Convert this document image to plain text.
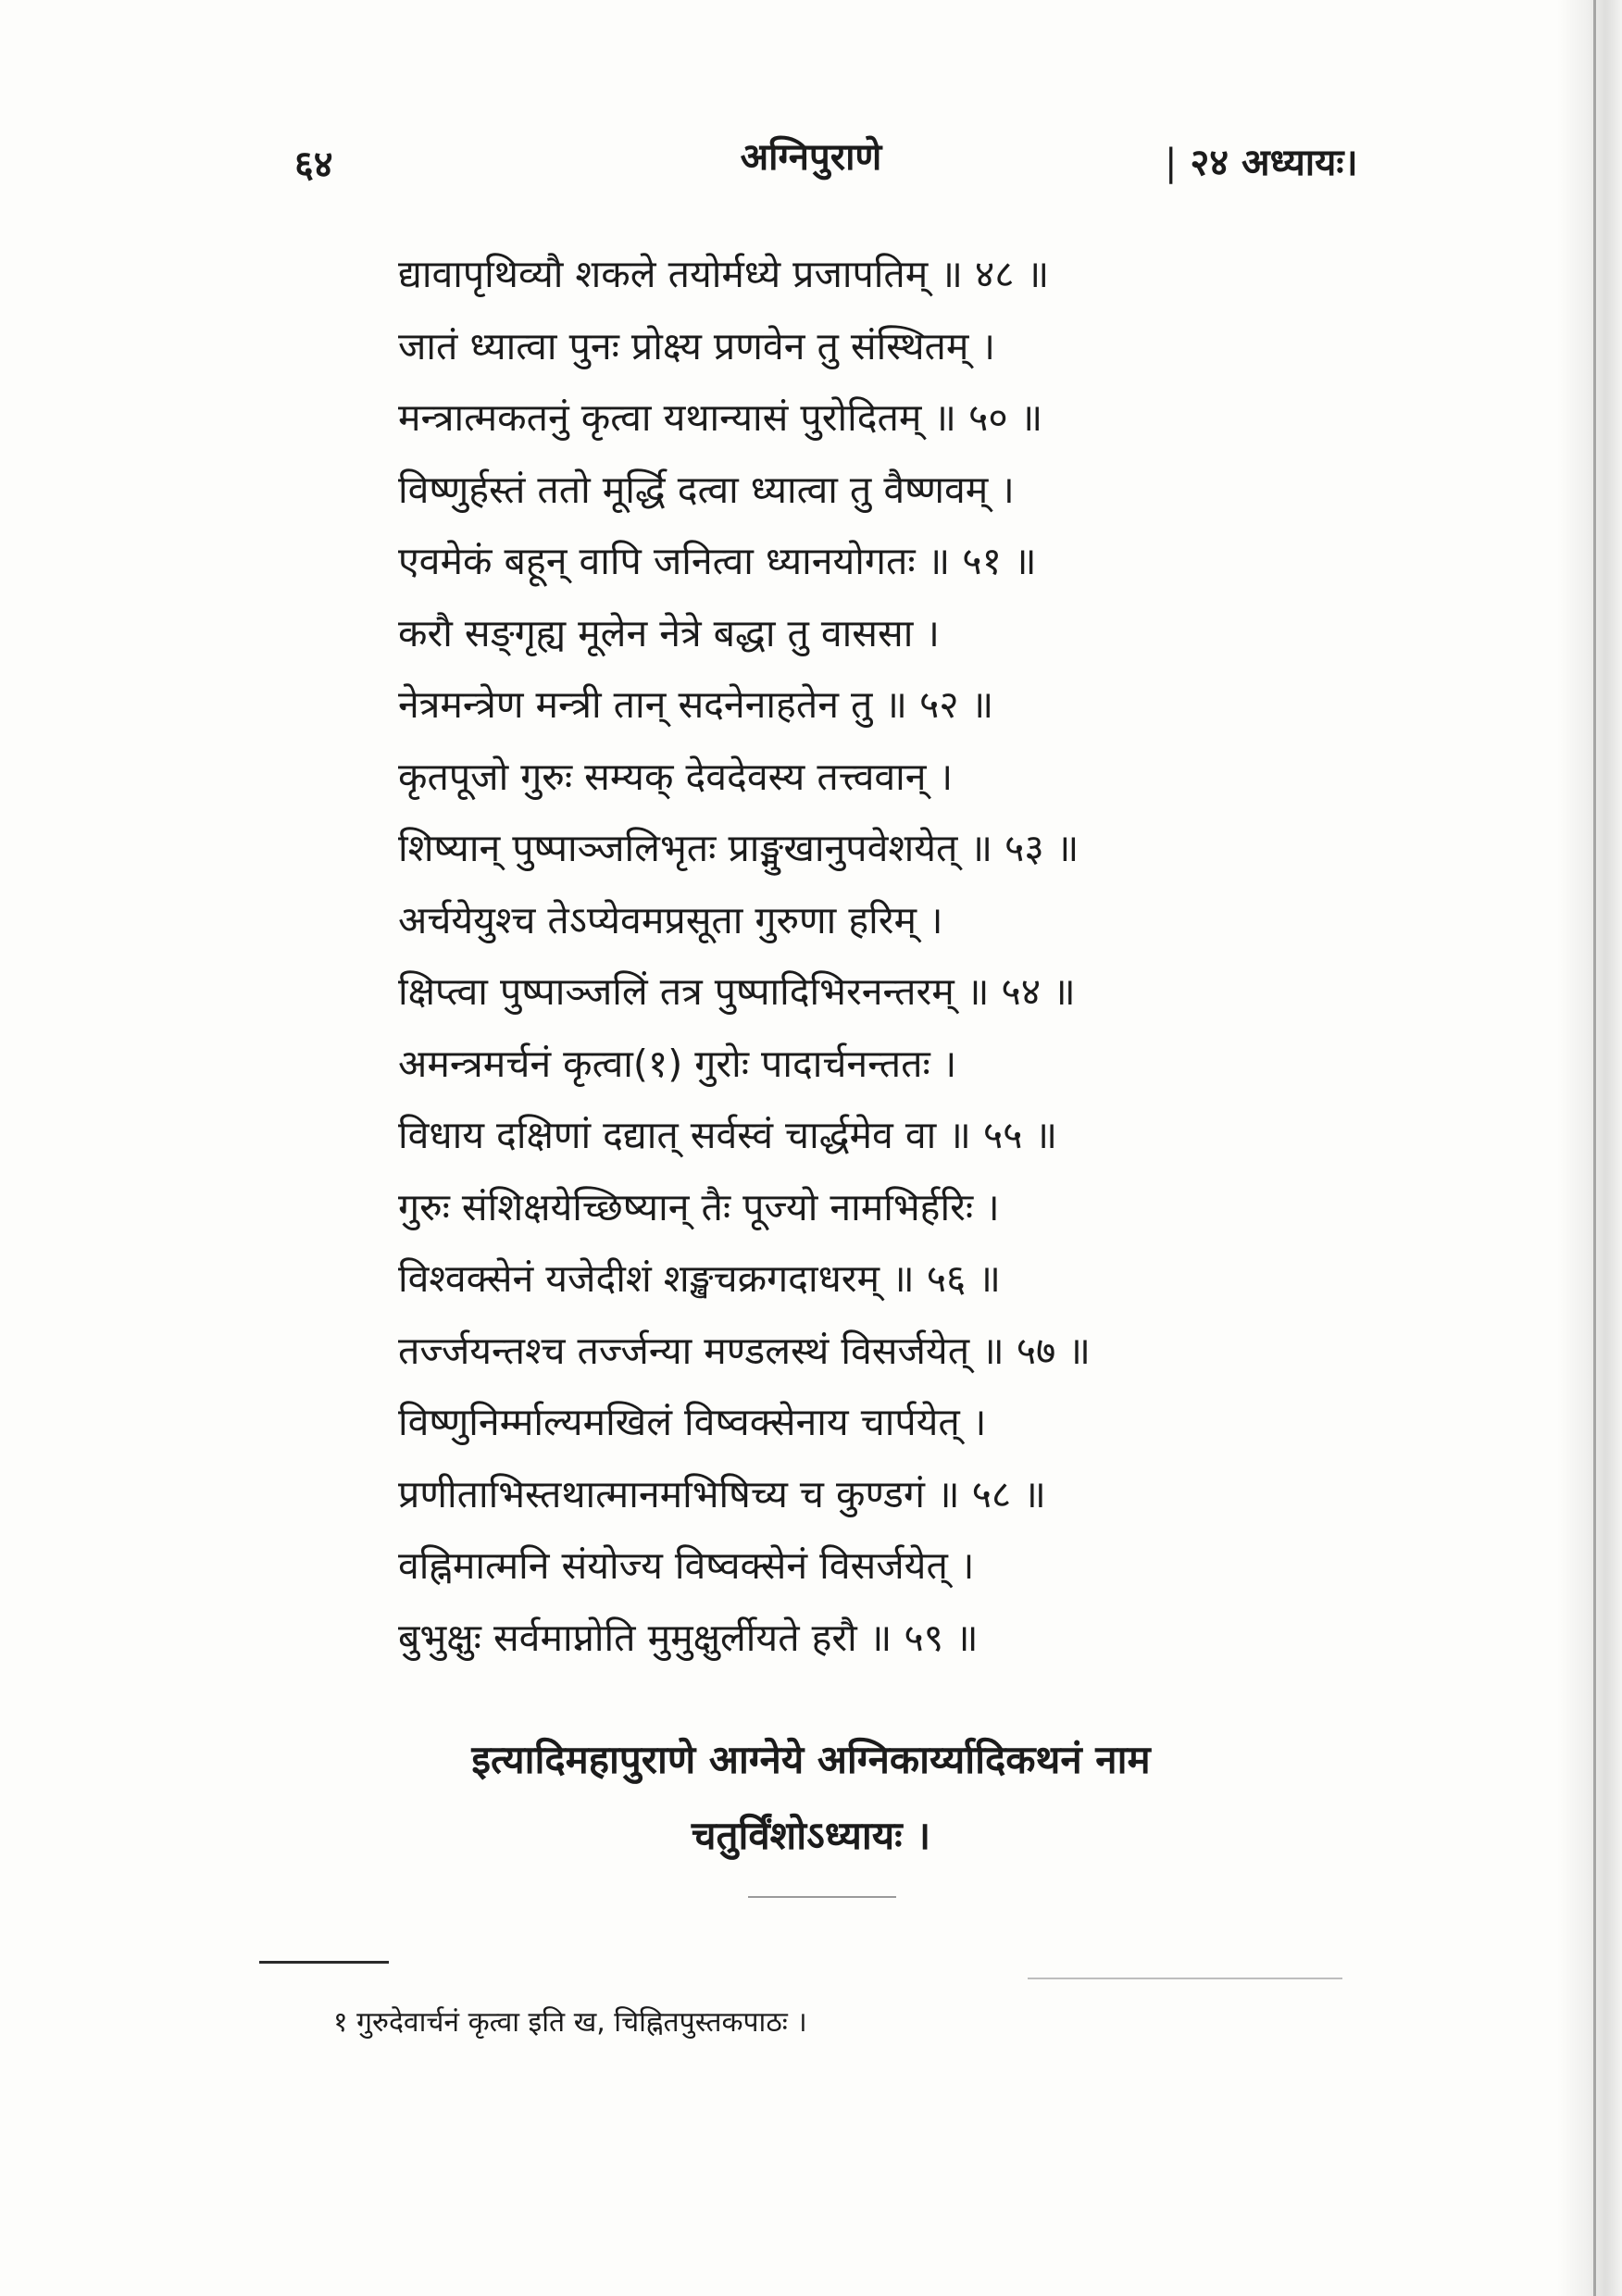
६४	अग्निपुराणे	| २४ अध्यायः।
द्यावापृथिव्यौ शकले तयोर्मध्ये प्रजापतिम् ॥ ४८ ॥
जातं ध्यात्वा पुनः प्रोक्ष्य प्रणवेन तु संस्थितम् ।
मन्त्रात्मकतनुं कृत्वा यथान्यासं पुरोदितम् ॥ ५० ॥
विष्णुर्हस्तं ततो मूर्द्धि दत्वा ध्यात्वा तु वैष्णवम् ।
एवमेकं बहून् वापि जनित्वा ध्यानयोगतः ॥ ५१ ॥
करौ सङ्गृह्य मूलेन नेत्रे बद्धा तु वाससा ।
नेत्रमन्त्रेण मन्त्री तान् सदनेनाहतेन तु ॥ ५२ ॥
कृतपूजो गुरुः सम्यक् देवदेवस्य तत्त्ववान् ।
शिष्यान् पुष्पाञ्जलिभृतः प्राङ्मुखानुपवेशयेत् ॥ ५३ ॥
अर्चयेयुश्च तेऽप्येवमप्रसूता गुरुणा हरिम् ।
क्षिप्त्वा पुष्पाञ्जलिं तत्र पुष्पादिभिरनन्तरम् ॥ ५४ ॥
अमन्त्रमर्चनं कृत्वा(१) गुरोः पादार्चनन्ततः ।
विधाय दक्षिणां दद्यात् सर्वस्वं चार्द्धमेव वा ॥ ५५ ॥
गुरुः संशिक्षयेच्छिष्यान् तैः पूज्यो नामभिर्हरिः ।
विश्वक्सेनं यजेदीशं शङ्खचक्रगदाधरम् ॥ ५६ ॥
तर्ज्जयन्तश्च तर्ज्जन्या मण्डलस्थं विसर्जयेत् ॥ ५७ ॥
विष्णुनिर्म्माल्यमखिलं विष्वक्सेनाय चार्पयेत् ।
प्रणीताभिस्तथात्मानमभिषिच्य च कुण्डगं ॥ ५८ ॥
वह्निमात्मनि संयोज्य विष्वक्सेनं विसर्जयेत् ।
बुभुक्षुः सर्वमाप्नोति मुमुक्षुर्लीयते हरौ ॥ ५९ ॥
इत्यादिमहापुराणे आग्नेये अग्निकार्य्यादिकथनं नाम
चतुर्विंशोऽध्यायः ।
१ गुरुदेवार्चनं कृत्वा इति ख, चिह्नितपुस्तकपाठः ।
